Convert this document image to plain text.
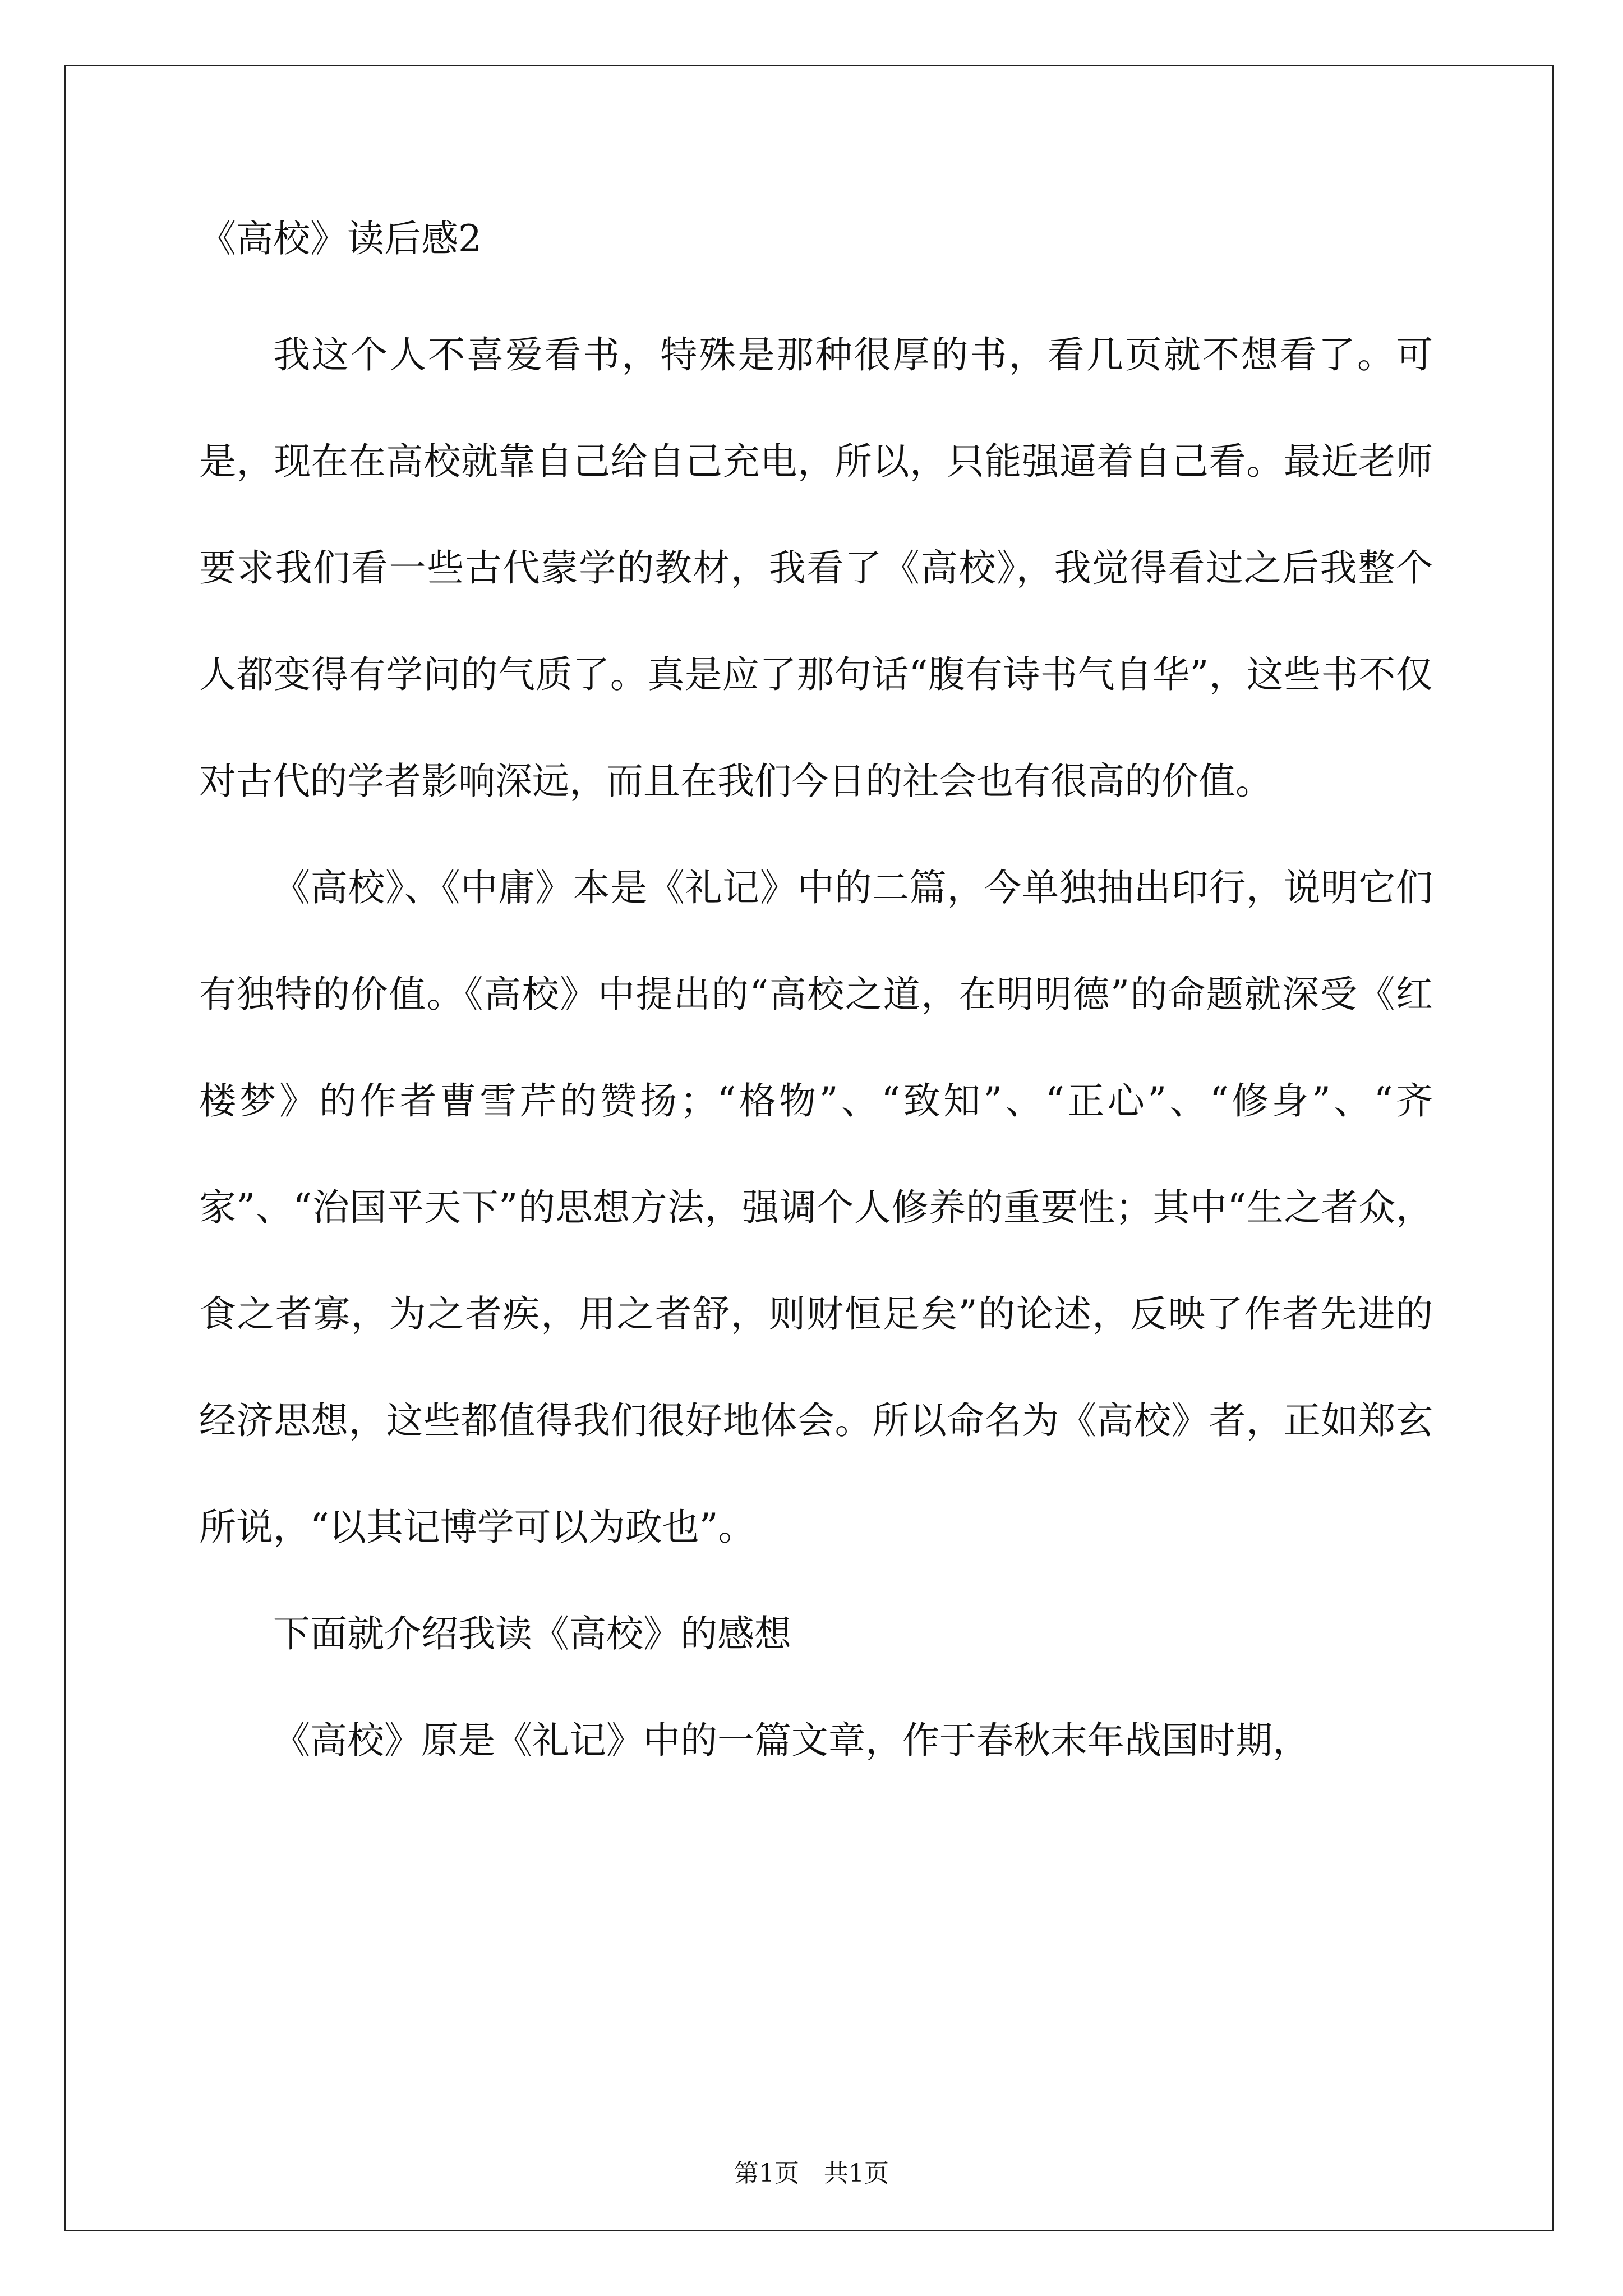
《高校》读后感2

我这个人不喜爱看书，特殊是那种很厚的书，看几页就不想看了。可是，现在在高校就靠自己给自己充电，所以，只能强逼着自己看。最近老师要求我们看一些古代蒙学的教材，我看了《高校》，我觉得看过之后我整个人都变得有学问的气质了。真是应了那句话“腹有诗书气自华”，这些书不仅对古代的学者影响深远，而且在我们今日的社会也有很高的价值。

《高校》、《中庸》本是《礼记》中的二篇，今单独抽出印行，说明它们有独特的价值。《高校》中提出的“高校之道，在明明德”的命题就深受《红楼梦》的作者曹雪芹的赞扬；“格物”、“致知”、“正心”、“修身”、“齐家”、“治国平天下”的思想方法，强调个人修养的重要性；其中“生之者众，食之者寡，为之者疾，用之者舒，则财恒足矣”的论述，反映了作者先进的经济思想，这些都值得我们很好地体会。所以命名为《高校》者，正如郑玄所说，“以其记博学可以为政也”。

下面就介绍我读《高校》的感想

《高校》原是《礼记》中的一篇文章，作于春秋末年战国时期，

第1页　共1页
